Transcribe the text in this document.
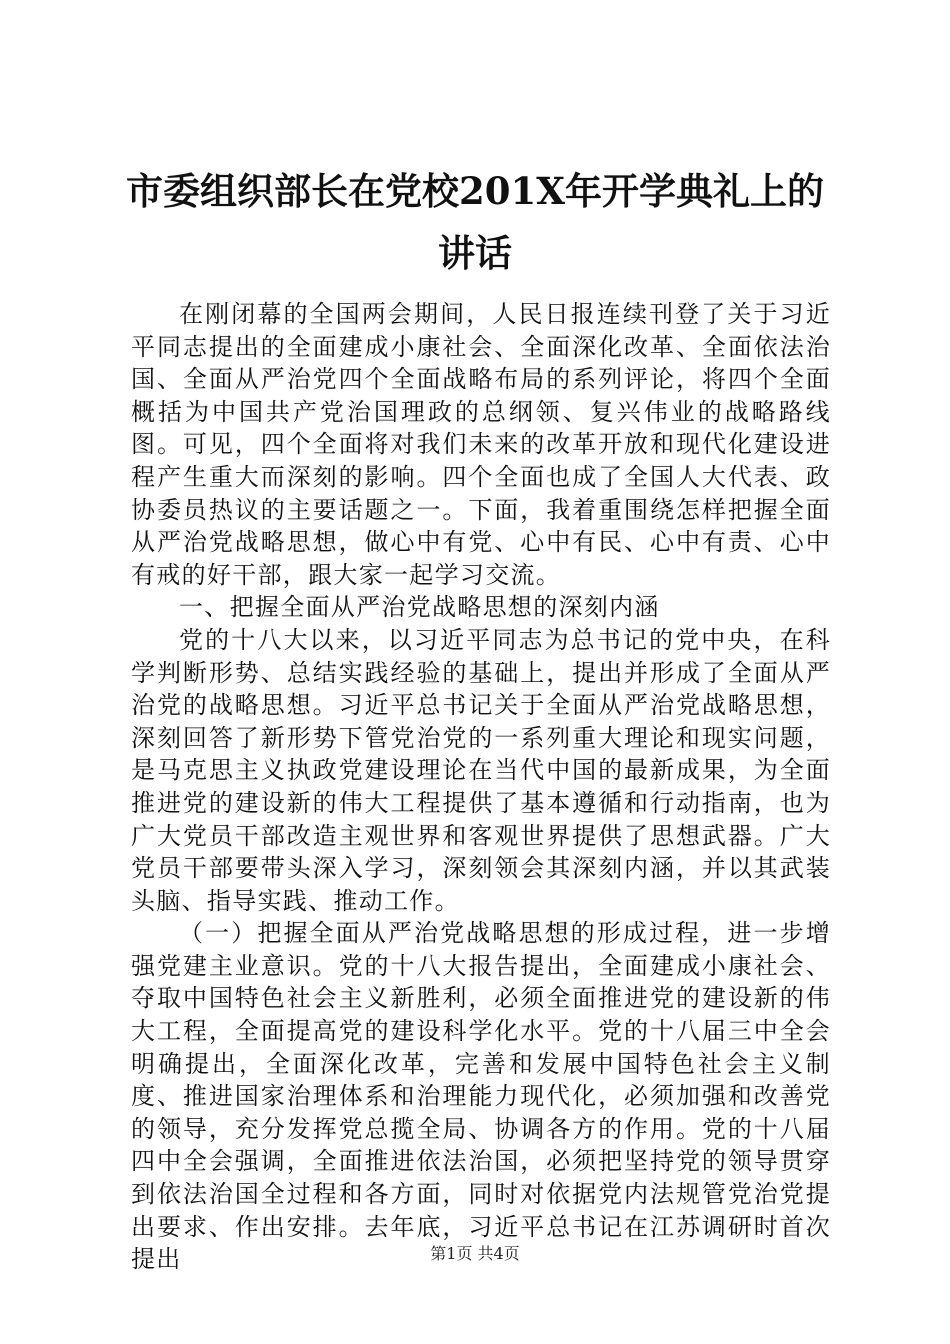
市委组织部长在党校201X年开学典礼上的讲话

在刚闭幕的全国两会期间，人民日报连续刊登了关于习近平同志提出的全面建成小康社会、全面深化改革、全面依法治国、全面从严治党四个全面战略布局的系列评论，将四个全面概括为中国共产党治国理政的总纲领、复兴伟业的战略路线图。可见，四个全面将对我们未来的改革开放和现代化建设进程产生重大而深刻的影响。四个全面也成了全国人大代表、政协委员热议的主要话题之一。下面，我着重围绕怎样把握全面从严治党战略思想，做心中有党、心中有民、心中有责、心中有戒的好干部，跟大家一起学习交流。

一、把握全面从严治党战略思想的深刻内涵

党的十八大以来，以习近平同志为总书记的党中央，在科学判断形势、总结实践经验的基础上，提出并形成了全面从严治党的战略思想。习近平总书记关于全面从严治党战略思想，深刻回答了新形势下管党治党的一系列重大理论和现实问题，是马克思主义执政党建设理论在当代中国的最新成果，为全面推进党的建设新的伟大工程提供了基本遵循和行动指南，也为广大党员干部改造主观世界和客观世界提供了思想武器。广大党员干部要带头深入学习，深刻领会其深刻内涵，并以其武装头脑、指导实践、推动工作。

（一）把握全面从严治党战略思想的形成过程，进一步增强党建主业意识。党的十八大报告提出，全面建成小康社会、夺取中国特色社会主义新胜利，必须全面推进党的建设新的伟大工程，全面提高党的建设科学化水平。党的十八届三中全会明确提出，全面深化改革，完善和发展中国特色社会主义制度、推进国家治理体系和治理能力现代化，必须加强和改善党的领导，充分发挥党总揽全局、协调各方的作用。党的十八届四中全会强调，全面推进依法治国，必须把坚持党的领导贯穿到依法治国全过程和各方面，同时对依据党内法规管党治党提出要求、作出安排。去年底，习近平总书记在江苏调研时首次提出	第1页 共4页
